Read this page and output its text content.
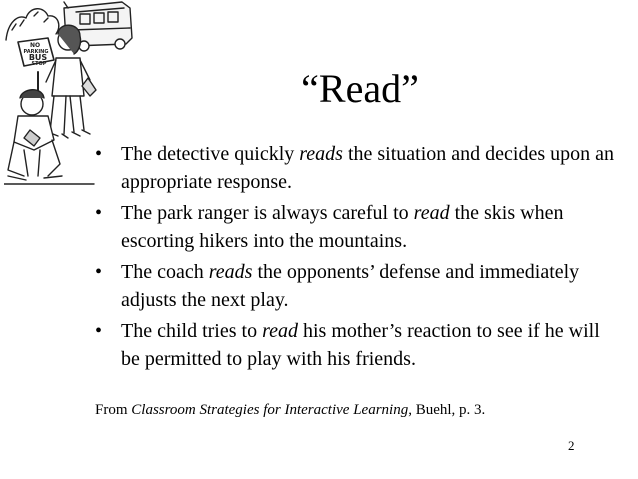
NO
PARKING
BUS
STOP
“Read”
• The detective quickly reads the situation and decides upon an appropriate response.
• The park ranger is always careful to read the skis when escorting hikers into the mountains.
• The coach reads the opponents’ defense and immediately adjusts the next play.
• The child tries to read his mother’s reaction to see if he will be permitted to play with his friends.
From Classroom Strategies for Interactive Learning, Buehl, p. 3.
2
